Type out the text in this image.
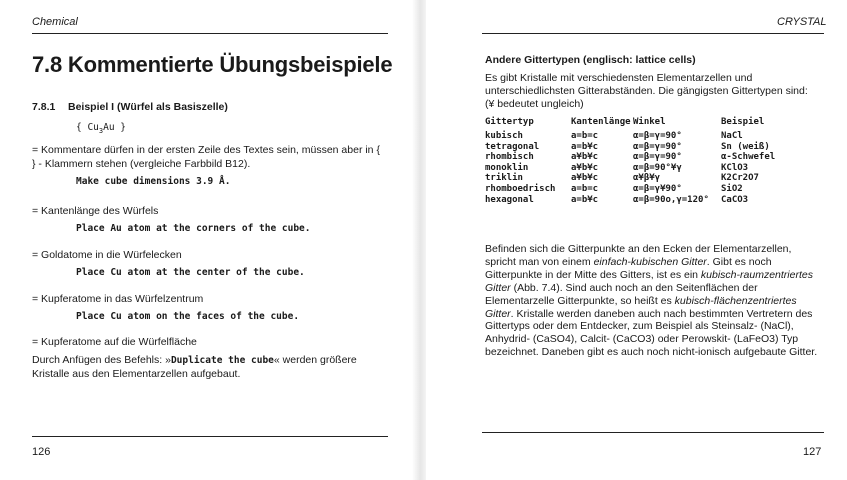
Chemical
7.8 Kommentierte Übungsbeispiele
7.8.1 Beispiel I (Würfel als Basiszelle)
{ $Cu_3Au$ }
= Kommentare dürfen in der ersten Zeile des Textes sein, müssen aber in { } - Klammern stehen (vergleiche Farbbild B12).
Make cube dimensions 3.9 Å.
= Kantenlänge des Würfels
Place Au atom at the corners of the cube.
= Goldatome in die Würfelecken
Place Cu atom at the center of the cube.
= Kupferatome in das Würfelzentrum
Place Cu atom on the faces of the cube.
= Kupferatome auf die Würfelfläche
Durch Anfügen des Befehls: »Duplicate the cube« werden größere Kristalle aus den Elementarzellen aufgebaut.
126
CRYSTAL
Andere Gittertypen (englisch: lattice cells)
Es gibt Kristalle mit verschiedensten Elementarzellen und unterschiedlichsten Gitterabständen. Die gängigsten Gittertypen sind: (¥ bedeutet ungleich)
Gittertyp	Kantenlänge	Winkel	Beispiel
kubisch	a=b=c	α=β=γ=90°	NaCl
tetragonal	a=b¥c	α=β=γ=90°	Sn (weiß)
rhombisch	a¥b¥c	α=β=γ=90°	α-Schwefel
monoklin	a¥b¥c	α=β=90°¥γ	KClO3
triklin	a¥b¥c	α¥β¥γ	K2Cr2O7
rhomboedrisch	a=b=c	α=β=γ¥90°	SiO2
hexagonal	a=b¥c	α=β=90o,γ=120°	CaCO3
Befinden sich die Gitterpunkte an den Ecken der Elementarzellen, spricht man von einem einfach-kubischen Gitter. Gibt es noch Gitterpunkte in der Mitte des Gitters, ist es ein kubisch-raumzentriertes Gitter (Abb. 7.4). Sind auch noch an den Seitenflächen der Elementarzelle Gitterpunkte, so heißt es kubisch-flächenzentriertes Gitter. Kristalle werden daneben auch nach bestimmten Vertretern des Gittertyps oder dem Entdecker, zum Beispiel als Steinsalz- (NaCl), Anhydrid- (CaSO4), Calcit- (CaCO3) oder Perowskit- (LaFeO3) Typ bezeichnet. Daneben gibt es auch noch nicht-ionisch aufgebaute Gitter.
127
